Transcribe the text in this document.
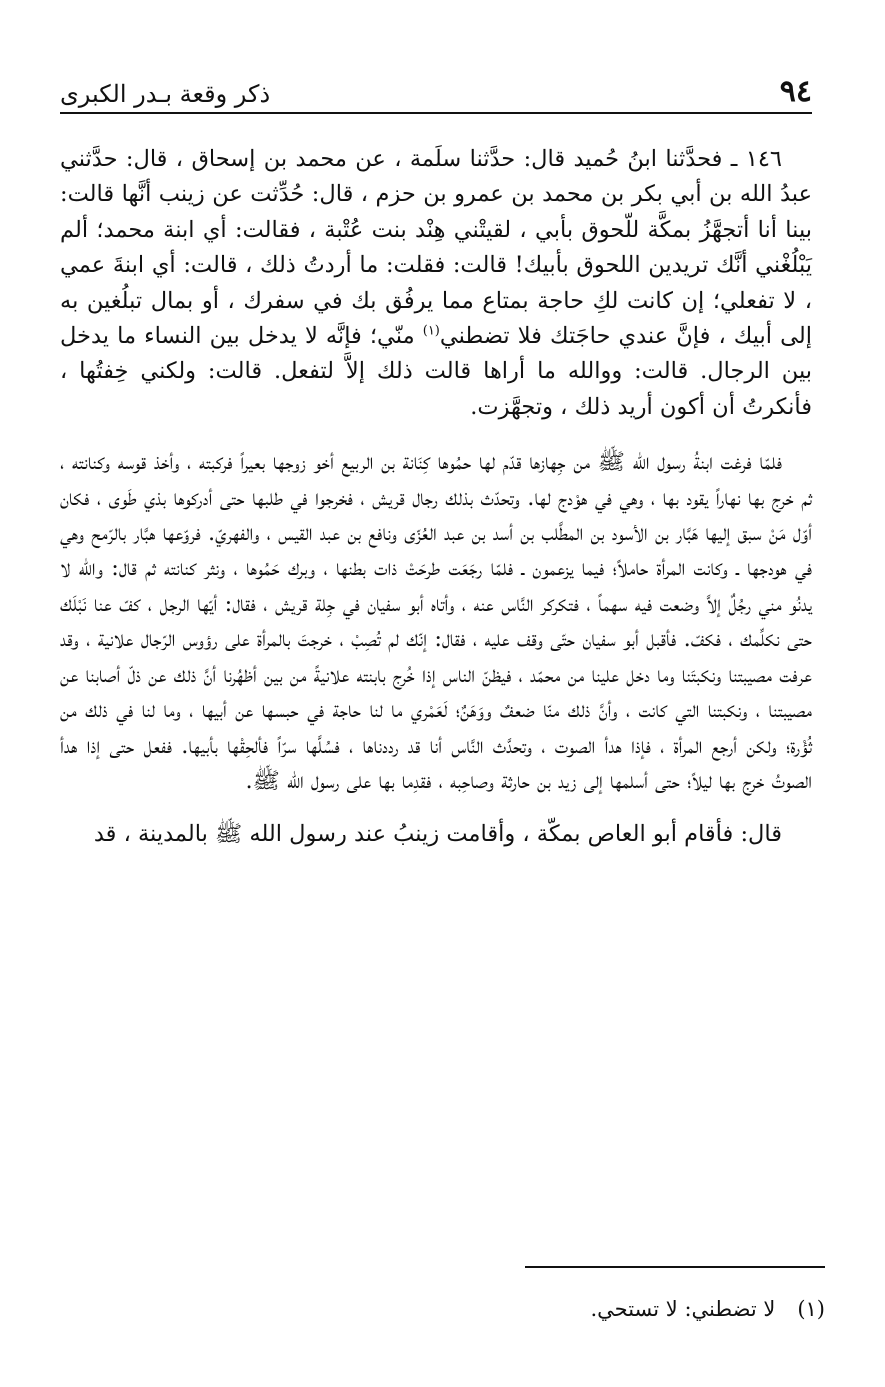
٩٤
ذكر وقعة بـدر الكبرى

١٤٦ ـ فحدَّثنا ابنُ حُميد قال: حدَّثنا سلَمة ، عن محمد بن إسحاق ، قال: حدَّثني عبدُ الله بن أبي بكر بن محمد بن عمرو بن حزم ، قال: حُدِّثت عن زينب أنَّها قالت: بينا أنا أتجهَّزُ بمكَّة للّحوق بأبي ، لقيتْني هِنْد بنت عُتْبة ، فقالت: أي ابنة محمد؛ ألم يَبْلُغْني أنَّك تريدين اللحوق بأبيك! قالت: فقلت: ما أردتُ ذلك ، قالت: أي ابنةَ عمي ، لا تفعلي؛ إن كانت لكِ حاجة بمتاع مما يرفُق بك في سفرك ، أو بمال تبلُغين به إلى أبيك ، فإنَّ عندي حاجَتك فلا تضطني$^{(١)}$ منّي؛ فإنَّه لا يدخل بين النساء ما يدخل بين الرجال. قالت: ووالله ما أراها قالت ذلك إلاَّ لتفعل. قالت: ولكني خِفتُها ، فأنكرتُ أن أكون أريد ذلك ، وتجهَّزت.

فلمّا فرغت ابنةُ رسول الله ﷺ من جِهازها قدّم لها حمُوها كِنَانة بن الربيع أخو زوجها بعيراً فركبته ، وأخذ قوسه وكنانته ، ثم خرج بها نهاراً يقود بها ، وهي في هوْدج لها. وتحدّث بذلك رجال قريش ، فخرجوا في طلبها حتى أدركوها بذي طَوى ، فكان أوّل مَنْ سبق إليها هَبَّار بن الأسود بن المطَّلب بن أسد بن عبد العُزّى ونافع بن عبد القيس ، والفهريّ. فروّعها هبَّار بالرّمح وهي في هودجها ـ وكانت المرأة حاملاً؛ فيما يزعمون ـ فلمّا رجَعَت طرحَتْ ذات بطنها ، وبرك حَمُوها ، ونثر كنانته ثم قال: والله لا يدنُو مني رجُلٌ إلاَّ وضعت فيه سهماً ، فتكركر النَّاس عنه ، وأتاه أبو سفيان في جِلة قريش ، فقال: أيّها الرجل ، كفّ عنا نَبْلَك حتى نكلِّمك ، فكفّ. فأقبل أبو سفيان حتّى وقف عليه ، فقال: إنّك لم تُصِبْ ، خرجتَ بالمرأة على رؤوس الرّجال علانية ، وقد عرفت مصيبتنا ونكبتَنا وما دخل علينا من محمّد ، فيظنّ الناس إذا خُرج بابنته علانيةً من بين أظهُرنا أنَّ ذلك عن ذلّ أصابنا عن مصيبتنا ، ونكبتنا التي كانت ، وأنَّ ذلك منّا ضعفٌ ووَهَنٌ؛ لَعَمْري ما لنا حاجة في حبسها عن أبيها ، وما لنا في ذلك من ثُؤْرة؛ ولكن أرجع المرأة ، فإذا هدأ الصوت ، وتحدَّث النَّاس أنا قد رددناها ، فسُلَّها سرّاً فألحِقْها بأبيها. ففعل حتى إذا هدأ الصوتُ خرج بها ليلاً؛ حتى أسلمها إلى زيد بن حارثة وصاحِبه ، فقدِما بها على رسول الله ﷺ.

قال: فأقام أبو العاص بمكّة ، وأقامت زينبُ عند رسول الله ﷺ بالمدينة ، قد

(١)لا تضطني: لا تستحي.
